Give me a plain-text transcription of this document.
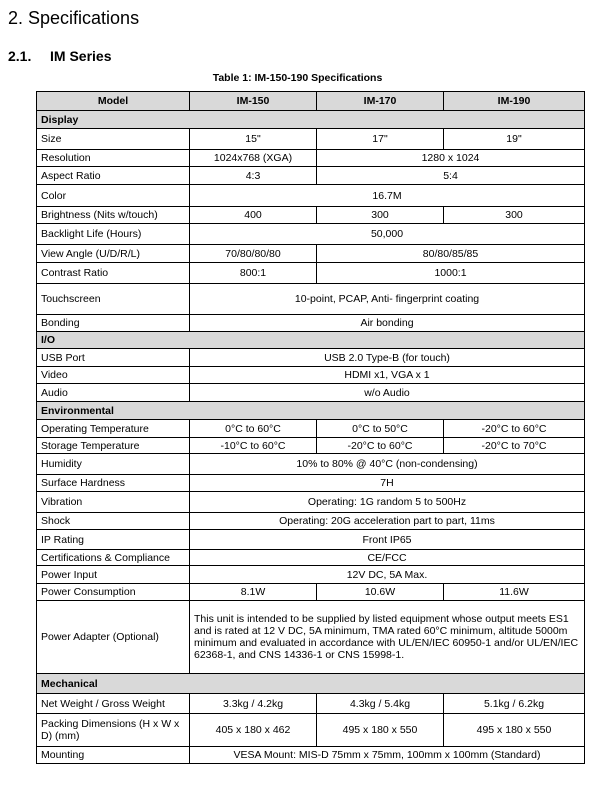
2. Specifications
2.1. IM Series
Table 1: IM-150-190 Specifications
Model	IM-150	IM-170	IM-190
Display			
Size	15"	17"	19"
Resolution	1024x768 (XGA)	1280 x 1024	
Aspect Ratio	4:3	5:4	
Color	16.7M		
Brightness (Nits w/touch)	400	300	300
Backlight Life (Hours)	50,000		
View Angle (U/D/R/L)	70/80/80/80	80/80/85/85	
Contrast Ratio	800:1	1000:1	
Touchscreen	10-point, PCAP, Anti- fingerprint coating		
Bonding	Air bonding		
I/O			
USB Port	USB 2.0 Type-B (for touch)		
Video	HDMI x1, VGA x 1		
Audio	w/o Audio		
Environmental			
Operating Temperature	0°C to 60°C	0°C to 50°C	-20°C to 60°C
Storage Temperature	-10°C to 60°C	-20°C to 60°C	-20°C to 70°C
Humidity	10% to 80% @ 40°C (non-condensing)		
Surface Hardness	7H		
Vibration	Operating: 1G random 5 to 500Hz		
Shock	Operating: 20G acceleration part to part, 11ms		
IP Rating	Front IP65		
Certifications & Compliance	CE/FCC		
Power Input	12V DC, 5A Max.		
Power Consumption	8.1W	10.6W	11.6W
Power Adapter (Optional)	This unit is intended to be supplied by listed equipment whose output meets ES1 and is rated at 12 V DC, 5A minimum, TMA rated 60°C minimum, altitude 5000m minimum and evaluated in accordance with UL/EN/IEC 60950-1 and/or UL/EN/IEC 62368-1, and CNS 14336-1 or CNS 15998-1.		
Mechanical			
Net Weight / Gross Weight	3.3kg / 4.2kg	4.3kg / 5.4kg	5.1kg / 6.2kg
Packing Dimensions (H x W x D) (mm)	405 x 180 x 462	495 x 180 x 550	495 x 180 x 550
Mounting	VESA Mount: MIS-D 75mm x 75mm, 100mm x 100mm (Standard)		
